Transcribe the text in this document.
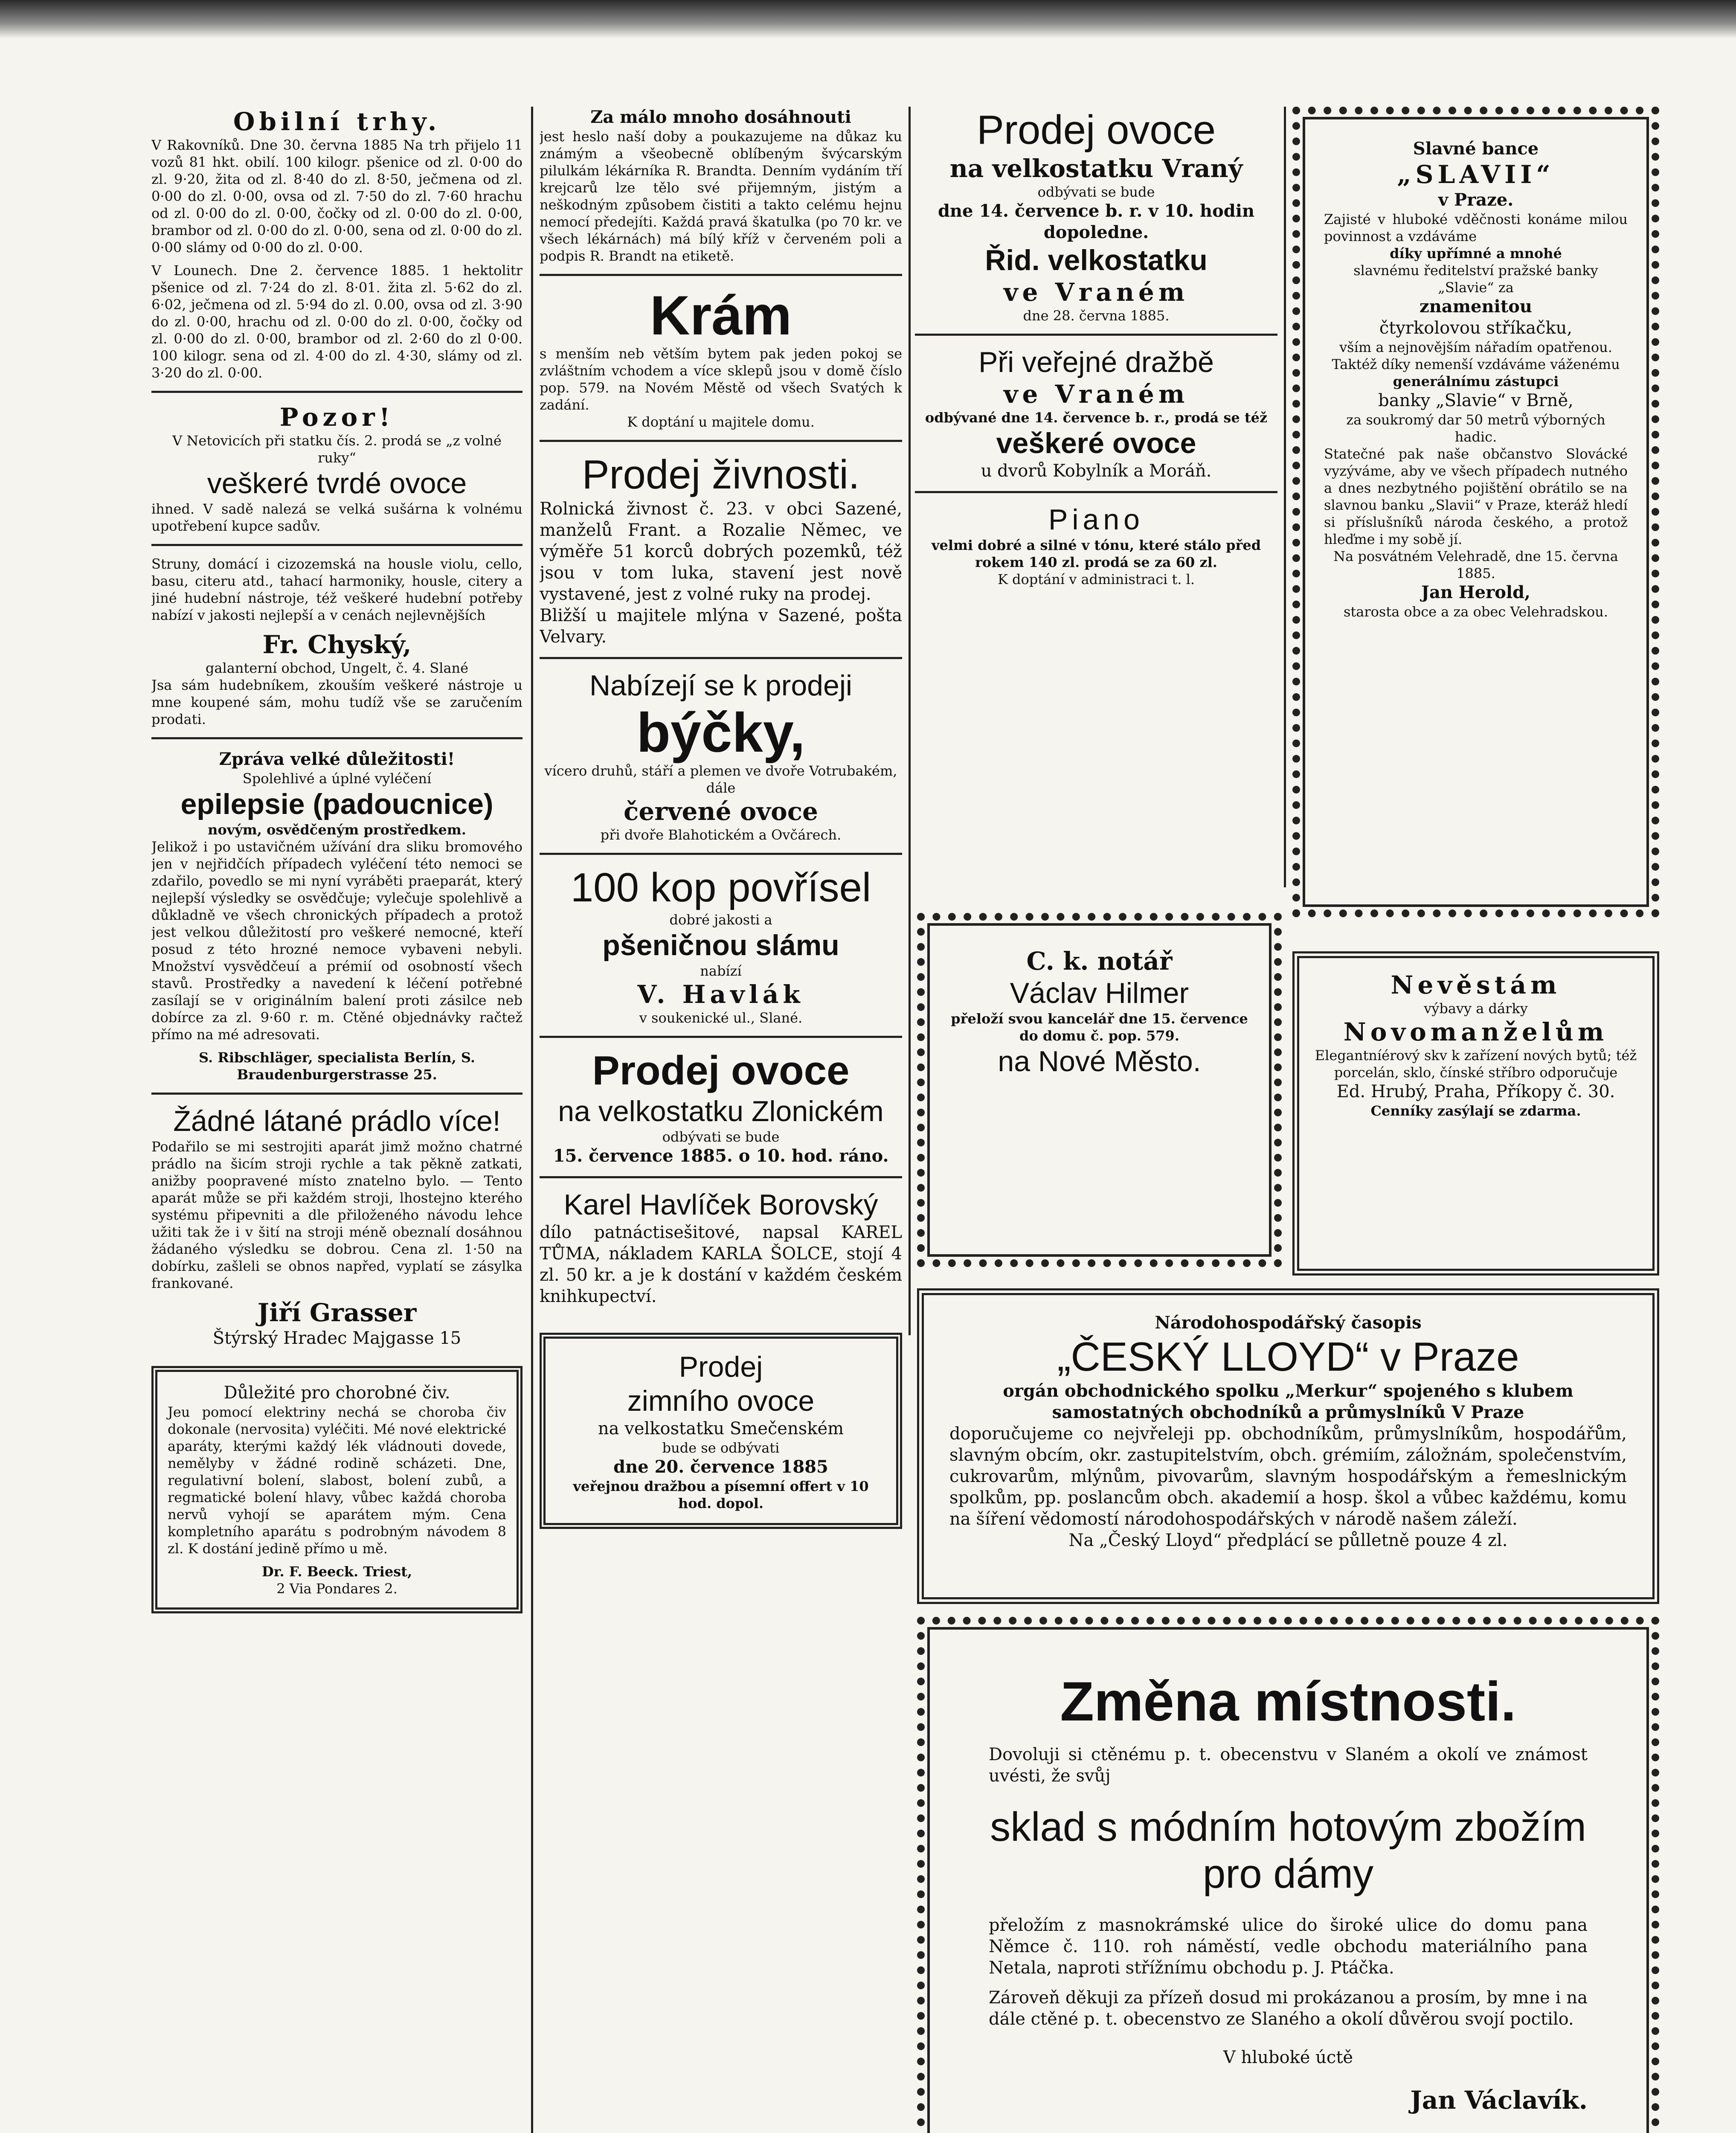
Obilní trhy.

V Rakovníků. Dne 30. června 1885 Na trh přijelo 11 vozů 81 hkt. obilí. 100 kilogr. pšenice od zl. 0·00 do zl. 9·20, žita od zl. 8·40 do zl. 8·50, ječmena od zl. 0·00 do zl. 0·00, ovsa od zl. 7·50 do zl. 7·60 hrachu od zl. 0·00 do zl. 0·00, čočky od zl. 0·00 do zl. 0·00, brambor od zl. 0·00 do zl. 0·00, sena od zl. 0·00 do zl. 0·00 slámy od 0·00 do zl. 0·00.

V Lounech. Dne 2. července 1885. 1 hektolitr pšenice od zl. 7·24 do zl. 8·01. žita zl. 5·62 do zl. 6·02, ječmena od zl. 5·94 do zl. 0.00, ovsa od zl. 3·90 do zl. 0·00, hrachu od zl. 0·00 do zl. 0·00, čočky od zl. 0·00 do zl. 0·00, brambor od zl. 2·60 do zl 0·00. 100 kilogr. sena od zl. 4·00 do zl. 4·30, slámy od zl. 3·20 do zl. 0·00.

Pozor!

V Netovicích při statku čís. 2. prodá se „z volné ruky“

veškeré tvrdé ovoce

ihned. V sadě nalezá se velká sušárna k volnému upotřebení kupce sadův.

Struny, domácí i cizozemská na housle violu, cello, basu, citeru atd., tahací harmoniky, housle, citery a jiné hudební nástroje, též veškeré hudební potřeby nabízí v jakosti nejlepší a v cenách nejlevnějších

Fr. Chyský,

galanterní obchod, Ungelt, č. 4. Slané

Jsa sám hudebníkem, zkouším veškeré nástroje u mne koupené sám, mohu tudíž vše se zaručením prodati.

Zpráva velké důležitosti!

Spolehlivé a úplné vyléčení

epilepsie (padoucnice)

novým, osvědčeným prostředkem.

Jelikož i po ustavičném užívání dra sliku bromového jen v nejřidčích případech vyléčení této nemoci se zdařilo, povedlo se mi nyní vyráběti praeparát, který nejlepší výsledky se osvědčuje; vylečuje spolehlivě a důkladně ve všech chronických případech a protož jest velkou důležitostí pro veškeré nemocné, kteří posud z této hrozné nemoce vybaveni nebyli. Množství vysvědčeuí a prémií od osobností všech stavů. Prostředky a navedení k léčení potřebné zasílají se v originálním balení proti zásilce neb dobírce za zl. 9·60 r. m. Ctěné objednávky račtež přímo na mé adresovati.

S. Ribschläger, specialista Berlín, S. Braudenburgerstrasse 25.

Žádné látané prádlo více!

Podařilo se mi sestrojiti aparát jimž možno chatrné prádlo na šicím stroji rychle a tak pěkně zatkati, anižby poopravené místo znatelno bylo. — Tento aparát může se při každém stroji, lhostejno kterého systému připevniti a dle přiloženého návodu lehce užiti tak že i v šití na stroji méně obeznalí dosáhnou žádaného výsledku se dobrou. Cena zl. 1·50 na dobírku, zašleli se obnos napřed, vyplatí se zásylka frankované.

Jiří Grasser

Štýrský Hradec Majgasse 15

Důležité pro chorobné čiv.

Jeu pomocí elektriny nechá se choroba čiv dokonale (nervosita) vyléčiti. Mé nové elektrické aparáty, kterými každý lék vládnouti dovede, nemělyby v žádné rodině scházeti. Dne, regulativní bolení, slabost, bolení zubů, a regmatické bolení hlavy, vůbec každá choroba nervů vyhojí se aparátem mým. Cena kompletního aparátu s podrobným návodem 8 zl. K dostání jedině přímo u mě.

Dr. F. Beeck. Triest,

2 Via Pondares 2.

Za málo mnoho dosáhnouti

jest heslo naší doby a poukazujeme na důkaz ku známým a všeobecně oblíbeným švýcarským pilulkám lékárníka R. Brandta. Denním vydáním tří krejcarů lze tělo své přijemným, jistým a neškodným způsobem čistiti a takto celému hejnu nemocí předejíti. Každá pravá škatulka (po 70 kr. ve všech lékárnách) má bílý kříž v červeném poli a podpis R. Brandt na etiketě.

Krám

s menším neb větším bytem pak jeden pokoj se zvláštním vchodem a více sklepů jsou v domě číslo pop. 579. na Novém Městě od všech Svatých k zadání.

K doptání u majitele domu.

Prodej živnosti.

Rolnická živnost č. 23. v obci Sazené, manželů Frant. a Rozalie Němec, ve výměře 51 korců dobrých pozemků, též jsou v tom luka, stavení jest nově vystavené, jest z volné ruky na prodej.

Bližší u majitele mlýna v Sazené, pošta Velvary.

Nabízejí se k prodeji

býčky,

vícero druhů, stáří a plemen ve dvoře Votrubakém, dále

červené ovoce

při dvoře Blahotickém a Ovčárech.

100 kop povřísel

dobré jakosti a

pšeničnou slámu

nabízí

V. Havlák

v soukenické ul., Slané.

Prodej ovoce

na velkostatku Zlonickém

odbývati se bude

15. července 1885. o 10. hod. ráno.

Karel Havlíček Borovský

dílo patnáctisešitové, napsal KAREL TŮMA, nákladem KARLA ŠOLCE, stojí 4 zl. 50 kr. a je k dostání v každém českém knihkupectví.

Prodej

zimního ovoce

na velkostatku Smečenském

bude se odbývati

dne 20. července 1885

veřejnou dražbou a písemní offert v 10 hod. dopol.

Prodej ovoce

na velkostatku Vraný

odbývati se bude

dne 14. července b. r. v 10. hodin dopoledne.

Řid. velkostatku

ve Vraném

dne 28. června 1885.

Při veřejné dražbě

ve Vraném

odbývané dne 14. července b. r., prodá se též

veškeré ovoce

u dvorů Kobylník a Moráň.

Piano

velmi dobré a silné v tónu, které stálo před rokem 140 zl. prodá se za 60 zl.

K doptání v administraci t. l.

C. k. notář

Václav Hilmer

přeloží svou kancelář dne 15. července do domu č. pop. 579.

na Nové Město.

Slavné bance

„SLAVII“

v Praze.

Zajisté v hluboké vděčnosti konáme milou povinnost a vzdáváme

díky upřímné a mnohé

slavnému ředitelství pražské banky „Slavie“ za

znamenitou

čtyrkolovou stříkačku,

vším a nejnovějším nářadím opatřenou. Taktéž díky nemenší vzdáváme váženému

generálnímu zástupci

banky „Slavie“ v Brně,

za soukromý dar 50 metrů výborných hadic.

Statečné pak naše občanstvo Slovácké vyzýváme, aby ve všech případech nutného a dnes nezbytného pojištění obrátilo se na slavnou banku „Slavii“ v Praze, kteráž hledí si příslušníků národa českého, a protož hleďme i my sobě jí.

Na posvátném Velehradě, dne 15. června 1885.

Jan Herold,

starosta obce a za obec Velehradskou.

Nevěstám

výbavy a dárky

Novomanželům

Elegantníérový skv k zařízení nových bytů; též porcelán, sklo, čínské stříbro odporučuje

Ed. Hrubý, Praha, Příkopy č. 30.

Cenníky zasýlají se zdarma.

Národohospodářský časopis

„ČESKÝ LLOYD“ v Praze

orgán obchodnického spolku „Merkur“ spojeného s klubem samostatných obchodníků a průmyslníků V Praze

doporučujeme co nejvřeleji pp. obchodníkům, průmyslníkům, hospodářům, slavným obcím, okr. zastupitelstvím, obch. grémiím, záložnám, společenstvím, cukrovarům, mlýnům, pivovarům, slavným hospodářským a řemeslnickým spolkům, pp. poslancům obch. akademií a hosp. škol a vůbec každému, komu na šíření vědomostí národohospodářských v národě našem záleží.

Na „Český Lloyd“ předplácí se půlletně pouze 4 zl.

Změna místnosti.

Dovoluji si ctěnému p. t. obecenstvu v Slaném a okolí ve známost uvésti, že svůj

sklad s módním hotovým zbožím pro dámy

přeložím z masnokrámské ulice do široké ulice do domu pana Němce č. 110. roh náměstí, vedle obchodu materiálního pana Netala, naproti střížnímu obchodu p. J. Ptáčka.

Zároveň děkuji za přízeň dosud mi prokázanou a prosím, by mne i na dále ctěné p. t. obecenstvo ze Slaného a okolí důvěrou svojí poctilo.

V hluboké úctě

Jan Václavík.
